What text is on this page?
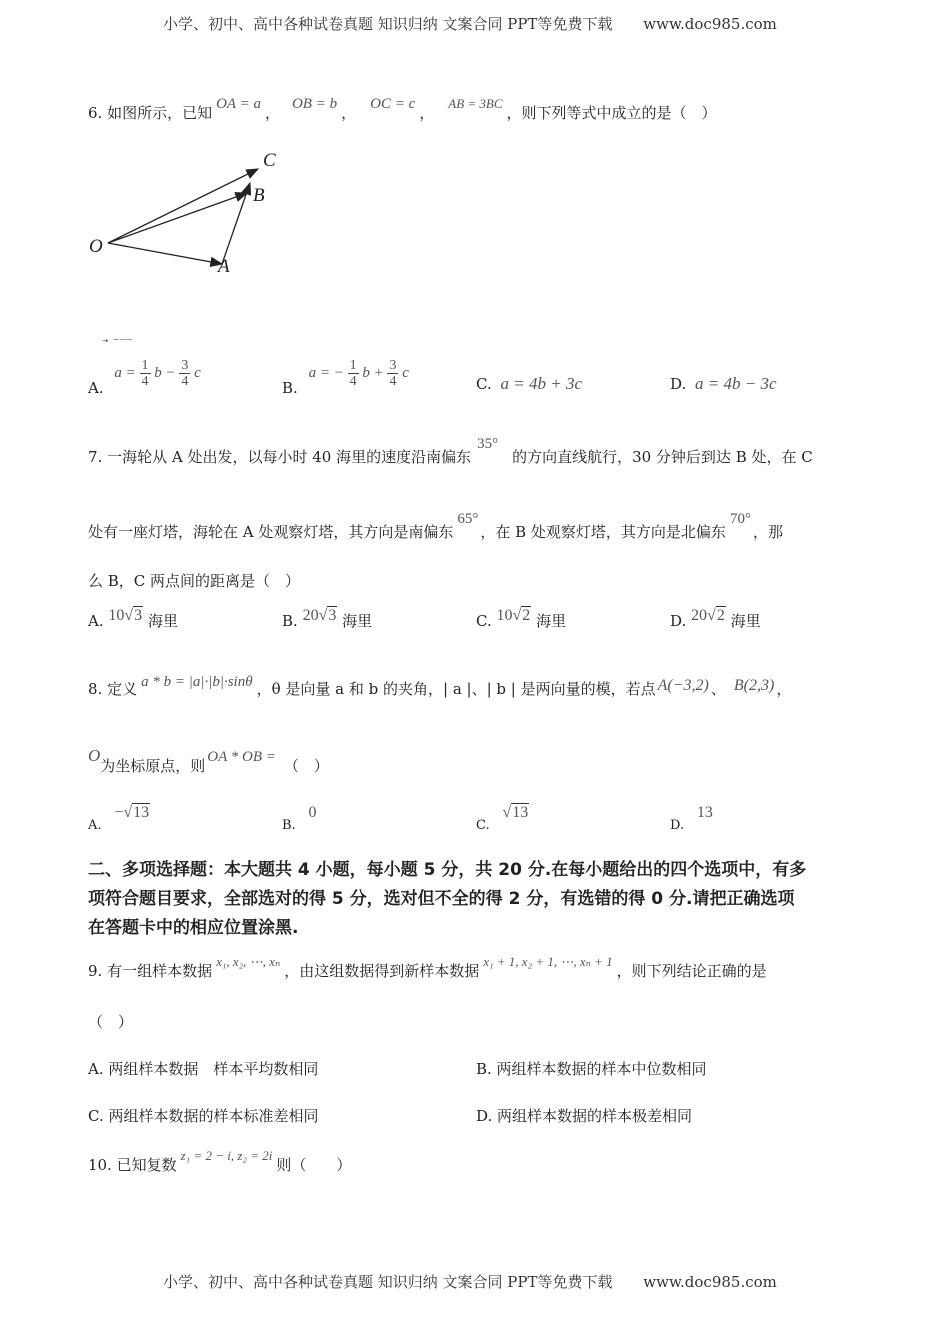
小学、初中、高中各种试卷真题 知识归纳 文案合同 PPT等免费下载 www.doc985.com
6. 如图所示，已知 OA = a ， OB = b ， OC = c ，AB = 3BC，则下列等式中成立的是（　）
O
A
B
C
A.
⃗⃗⃗ ‾‾‾
$a = \frac{1}{4}$ $b - \frac{3}{4}$ c
B. a = − $\frac{1}{4}$ $b + \frac{3}{4}$ c
C. a = 4b + 3c	D. a = 4b − 3c
7. 一海轮从 A 处出发，以每小时 40 海里的速度沿南偏东35°的方向直线航行，30 分钟后到达 B 处，在 C
处有一座灯塔，海轮在 A 处观察灯塔，其方向是南偏东65°，在 B 处观察灯塔，其方向是北偏东70°，那
么 B，C 两点间的距离是（　）
A. 10√3 海里	B. 20√3 海里	C. 10√2 海里	D. 20√2 海里
8. 定义 a * b = |a|·|b|·sinθ ，θ 是向量 a 和 b 的夹角，| a |、| b | 是两向量的模，若点 A(−3,2) 、 B(2,3) ，
O为坐标原点，则 OA * OB = （　）
A. −√13
B. 0
C. √13
D. 13
二、多项选择题：本大题共 4 小题，每小题 5 分，共 20 分.在每小题给出的四个选项中，有多
项符合题目要求，全部选对的得 5 分，选对但不全的得 2 分，有选错的得 0 分.请把正确选项
在答题卡中的相应位置涂黑.
9. 有一组样本数据x₁, x₂, ⋯, xₙ，由这组数据得到新样本数据x₁ + 1, x₂ + 1, ⋯, xₙ + 1，则下列结论正确的是
（　）
A. 两组样本数据　样本平均数相同	B. 两组样本数据的样本中位数相同
C. 两组样本数据的样本标准差相同	D. 两组样本数据的样本极差相同
10. 已知复数z₁ = 2 − i, z₂ = 2i则（　　）
小学、初中、高中各种试卷真题 知识归纳 文案合同 PPT等免费下载 www.doc985.com
